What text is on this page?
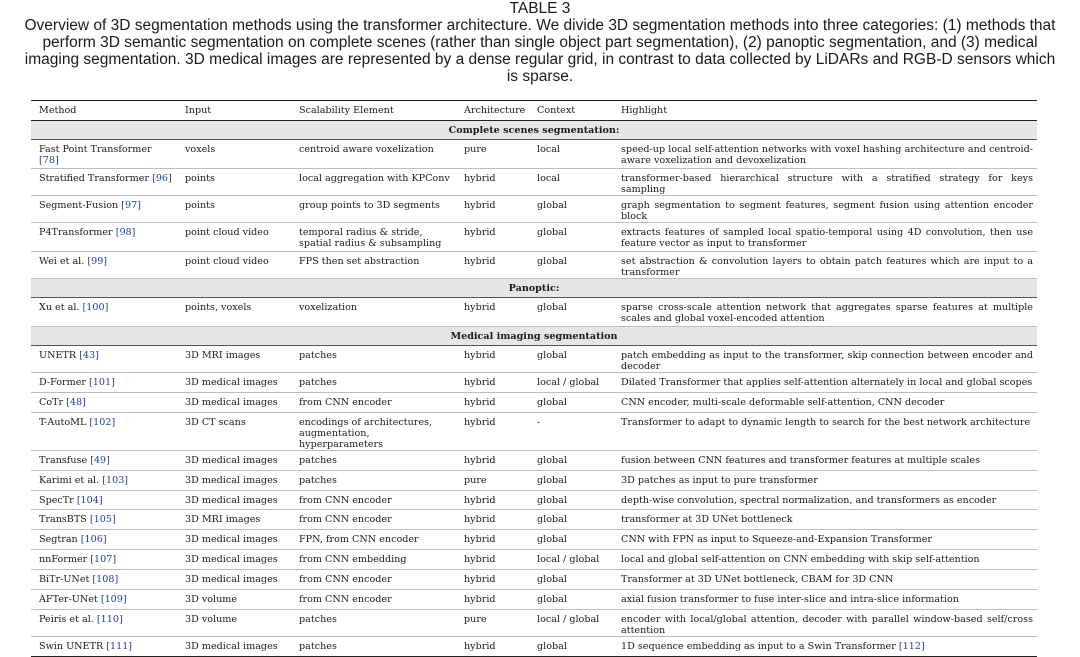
TABLE 3
Overview of 3D segmentation methods using the transformer architecture. We divide 3D segmentation methods into three categories: (1) methods that perform 3D semantic segmentation on complete scenes (rather than single object part segmentation), (2) panoptic segmentation, and (3) medical imaging segmentation. 3D medical images are represented by a dense regular grid, in contrast to data collected by LiDARs and RGB-D sensors which is sparse.
Method	Input	Scalability Element	Architecture	Context	Highlight
Complete scenes segmentation:					
Fast Point Transformer [78]	voxels	centroid aware voxelization	pure	local	speed-up local self-attention networks with voxel hashing architecture and centroid-aware voxelization and devoxelization
Stratified Transformer [96]	points	local aggregation with KPConv	hybrid	local	transformer-based hierarchical structure with a stratified strategy for keys sampling
Segment-Fusion [97]	points	group points to 3D segments	hybrid	global	graph segmentation to segment features, segment fusion using attention encoder block
P4Transformer [98]	point cloud video	temporal radius & stride, spatial radius & subsampling	hybrid	global	extracts features of sampled local spatio-temporal using 4D convolution, then use feature vector as input to transformer
Wei et al. [99]	point cloud video	FPS then set abstraction	hybrid	global	set abstraction & convolution layers to obtain patch features which are input to a transformer
Panoptic:					
Xu et al. [100]	points, voxels	voxelization	hybrid	global	sparse cross-scale attention network that aggregates sparse features at multiple scales and global voxel-encoded attention
Medical imaging segmentation					
UNETR [43]	3D MRI images	patches	hybrid	global	patch embedding as input to the transformer, skip connection between encoder and decoder
D-Former [101]	3D medical images	patches	hybrid	local / global	Dilated Transformer that applies self-attention alternately in local and global scopes
CoTr [48]	3D medical images	from CNN encoder	hybrid	global	CNN encoder, multi-scale deformable self-attention, CNN decoder
T-AutoML [102]	3D CT scans	encodings of architectures, augmentation, hyperparameters	hybrid	-	Transformer to adapt to dynamic length to search for the best network architecture
Transfuse [49]	3D medical images	patches	hybrid	global	fusion between CNN features and transformer features at multiple scales
Karimi et al. [103]	3D medical images	patches	pure	global	3D patches as input to pure transformer
SpecTr [104]	3D medical images	from CNN encoder	hybrid	global	depth-wise convolution, spectral normalization, and transformers as encoder
TransBTS [105]	3D MRI images	from CNN encoder	hybrid	global	transformer at 3D UNet bottleneck
Segtran [106]	3D medical images	FPN, from CNN encoder	hybrid	global	CNN with FPN as input to Squeeze-and-Expansion Transformer
nnFormer [107]	3D medical images	from CNN embedding	hybrid	local / global	local and global self-attention on CNN embedding with skip self-attention
BiTr-UNet [108]	3D medical images	from CNN encoder	hybrid	global	Transformer at 3D UNet bottleneck, CBAM for 3D CNN
AFTer-UNet [109]	3D volume	from CNN encoder	hybrid	global	axial fusion transformer to fuse inter-slice and intra-slice information
Peiris et al. [110]	3D volume	patches	pure	local / global	encoder with local/global attention, decoder with parallel window-based self/cross attention
Swin UNETR [111]	3D medical images	patches	hybrid	global	1D sequence embedding as input to a Swin Transformer [112]
